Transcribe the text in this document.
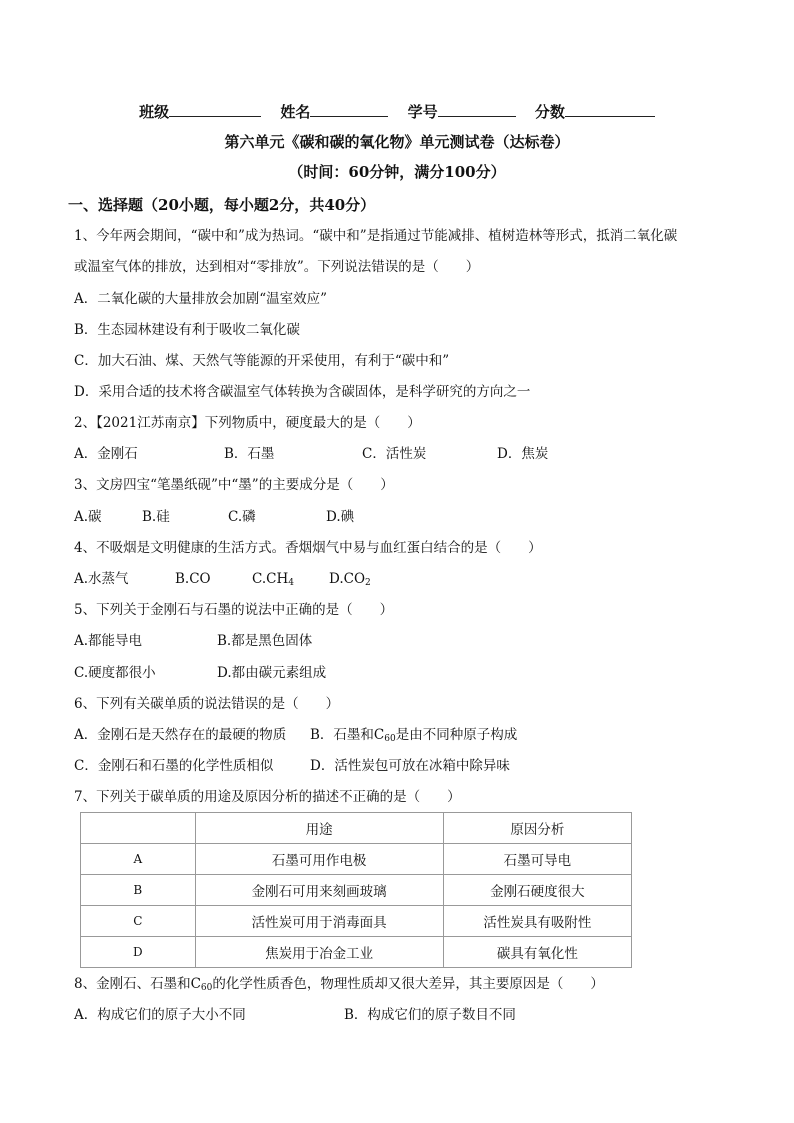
班级	姓名	学号	分数
第六单元《碳和碳的氧化物》单元测试卷（达标卷）
（时间：60分钟，满分100分）
一、选择题（20小题，每小题2分，共40分）
1、今年两会期间，“碳中和”成为热词。“碳中和”是指通过节能减排、植树造林等形式，抵消二氧化碳
或温室气体的排放，达到相对“零排放”。下列说法错误的是（　　）
A．二氧化碳的大量排放会加剧“温室效应”
B．生态园林建设有利于吸收二氧化碳
C．加大石油、煤、天然气等能源的开采使用，有利于“碳中和”
D．采用合适的技术将含碳温室气体转换为含碳固体，是科学研究的方向之一
2、【2021江苏南京】下列物质中，硬度最大的是（　　）
A．金刚石	B．石墨	C．活性炭	D．焦炭
3、文房四宝“笔墨纸砚”中“墨”的主要成分是（　　）
A.碳	B.硅	C.磷	D.碘
4、不吸烟是文明健康的生活方式。香烟烟气中易与血红蛋白结合的是（　　）
A.水蒸气	B.CO	$C.CH_4$	$D.CO_2$
5、下列关于金刚石与石墨的说法中正确的是（　　）
A.都能导电	B.都是黑色固体
C.硬度都很小	D.都由碳元素组成
6、下列有关碳单质的说法错误的是（　　）
A．金刚石是天然存在的最硬的物质 B．石墨和$C_{60}$是由不同种原子构成
C．金刚石和石墨的化学性质相似	D．活性炭包可放在冰箱中除异味
7、下列关于碳单质的用途及原因分析的描述不正确的是（　　）
	用途	原因分析
A	石墨可用作电极	石墨可导电
B	金刚石可用来刻画玻璃	金刚石硬度很大
C	活性炭可用于消毒面具	活性炭具有吸附性
D	焦炭用于冶金工业	碳具有氧化性
8、金刚石、石墨和$C_{60}$的化学性质香色，物理性质却又很大差异，其主要原因是（　　）
A．构成它们的原子大小不同	B．构成它们的原子数目不同
